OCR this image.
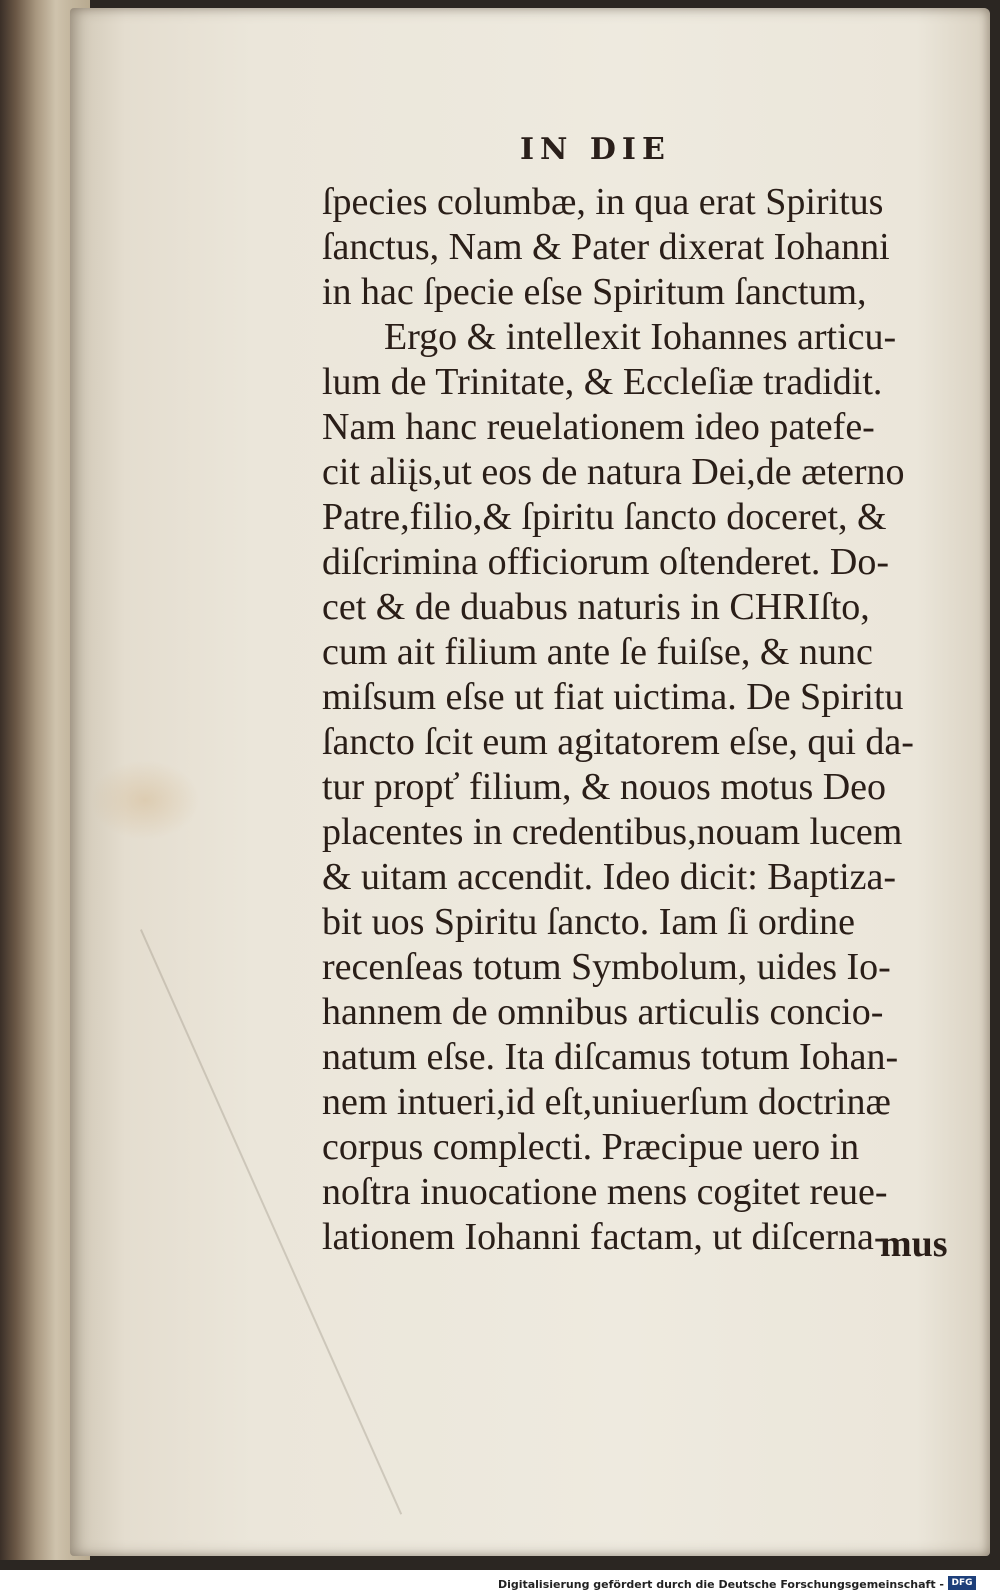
IN DIE
ſpecies columbæ, in qua erat Spiritus
ſanctus, Nam & Pater dixerat Iohanni
in hac ſpecie eſse Spiritum ſanctum,
Ergo & intellexit Iohannes articu-
lum de Trinitate, & Eccleſiæ tradidit.
Nam hanc reuelationem ideo patefe-
cit aliįs,ut eos de natura Dei,de æterno
Patre,filio,& ſpiritu ſancto doceret, &
diſcrimina officiorum oſtenderet. Do-
cet & de duabus naturis in CHRIſto,
cum ait filium ante ſe fuiſse, & nunc
miſsum eſse ut fiat uictima. De Spiritu
ſancto ſcit eum agitatorem eſse, qui da-
tur propť filium, & nouos motus Deo
placentes in credentibus,nouam lucem
& uitam accendit. Ideo dicit: Baptiza-
bit uos Spiritu ſancto. Iam ſi ordine
recenſeas totum Symbolum, uides Io-
hannem de omnibus articulis concio-
natum eſse. Ita diſcamus totum Iohan-
nem intueri,id eſt,uniuerſum doctrinæ
corpus complecti. Præcipue uero in
noſtra inuocatione mens cogitet reue-
lationem Iohanni factam, ut diſcerna-
mus
Digitalisierung gefördert durch die Deutsche Forschungsgemeinschaft - DFG
